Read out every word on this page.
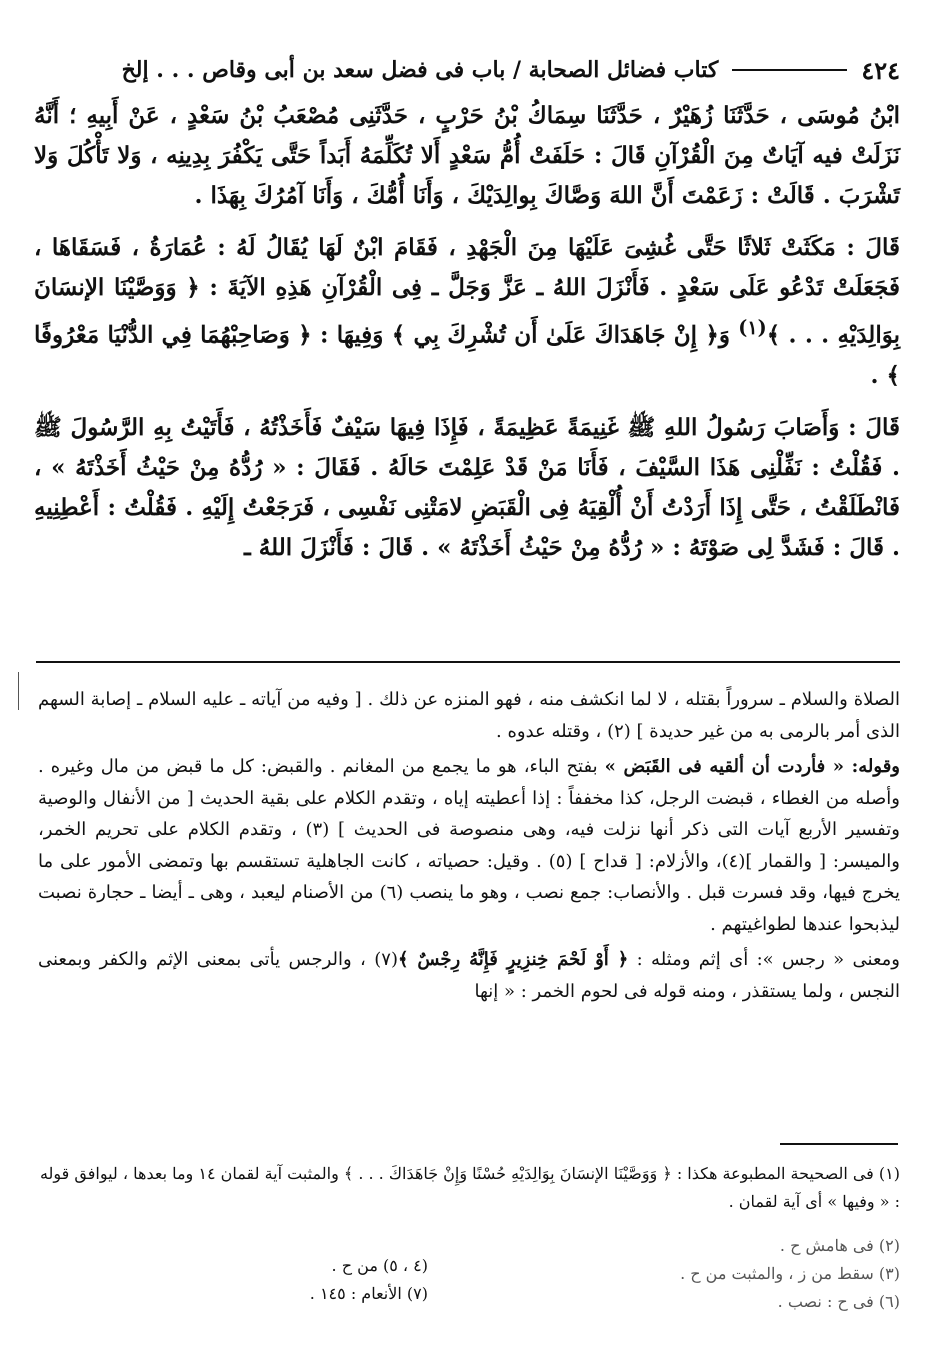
٤٢٤
كتاب فضائل الصحابة / باب فى فضل سعد بن أبى وقاص . . . إلخ

ابْنُ مُوسَى ، حَدَّثَنَا زُهَيْرٌ ، حَدَّثَنَا سِمَاكُ بْنُ حَرْبٍ ، حَدَّثَنِى مُصْعَبُ بْنُ سَعْدٍ ، عَنْ أَبِيهِ ؛ أَنَّهُ نَزَلَتْ فيه آيَاتٌ مِنَ الْقُرْآنِ قَالَ : حَلَفَتْ أُمُّ سَعْدٍ أَلا تُكَلِّمَهُ أَبَداً حَتَّى يَكْفُرَ بِدِينِه ، وَلا تَأْكُلَ وَلا تَشْرَبَ . قَالَتْ : زَعَمْتَ أَنَّ اللهَ وَصَّاكَ بِوالِدَيْكَ ، وَأَنَا أُمُّكَ ، وَأَنَا آمُرُكَ بِهَذَا .

قَالَ : مَكَثَتْ ثَلاثًا حَتَّى غُشِىَ عَلَيْهَا مِنَ الْجَهْدِ ، فَقَامَ ابْنٌ لَهَا يُقَالُ لَهُ : عُمَارَةُ ، فَسَقَاهَا ، فَجَعَلَتْ تَدْعُو عَلَى سَعْدٍ . فَأَنْزَلَ اللهُ ـ عَزَّ وَجَلَّ ـ فِى الْقُرْآنِ هَذِهِ الآيَةَ : ﴿ وَوَصَّيْنَا الإنسَانَ بِوَالِدَيْهِ . . . ﴾$^{(١)}$ وَ﴿ إِنْ جَاهَدَاكَ عَلَىٰ أَن تُشْرِكَ بِي ﴾ وَفِيهَا : ﴿ وَصَاحِبْهُمَا فِي الدُّنْيَا مَعْرُوفًا ﴾ .

قَالَ : وَأَصَابَ رَسُولُ اللهِ ﷺ غَنِيمَةً عَظِيمَةً ، فَإِذَا فِيهَا سَيْفٌ فَأَخَذْتُهُ ، فَأَتَيْتُ بِهِ الرَّسُولَ ﷺ . فَقُلْتُ : نَفِّلْنِى هَذَا السَّيْفَ ، فَأَنَا مَنْ قَدْ عَلِمْتَ حَالَهُ . فَقَالَ : « رُدُّهُ مِنْ حَيْثُ أَخَذْتَهُ » ، فَانْطَلَقْتُ ، حَتَّى إِذَا أَرَدْتُ أَنْ أُلْقِيَهُ فِى الْقَبَضِ لامَتْنِى نَفْسِى ، فَرَجَعْتُ إِلَيْهِ . فَقُلْتُ : أَعْطِنِيهِ . قَالَ : فَشَدَّ لِى صَوْتَهُ : « رُدُّهُ مِنْ حَيْثُ أَخَذْتَهُ » . قَالَ : فَأَنْزَلَ اللهُ ـ

الصلاة والسلام ـ سروراً بقتله ، لا لما انكشف منه ، فهو المنزه عن ذلك . [ وفيه من آياته ـ عليه السلام ـ إصابة السهم الذى أمر بالرمى به من غير حديدة ] (٢) ، وقتله عدوه .

وقوله: « فأردت أن ألقيه فى القَبَض » بفتح الباء، هو ما يجمع من المغانم . والقبض: كل ما قبض من مال وغيره . وأصله من الغطاء ، قبضت الرجل، كذا مخففاً : إذا أعطيته إياه ، وتقدم الكلام على بقية الحديث [ من الأنفال والوصية وتفسير الأربع آيات التى ذكر أنها نزلت فيه، وهى منصوصة فى الحديث ] (٣) ، وتقدم الكلام على تحريم الخمر، والميسر: [ والقمار ](٤)، والأزلام: [ قداح ] (٥) . وقيل: حصياته ، كانت الجاهلية تستقسم بها وتمضى الأمور على ما يخرج فيها، وقد فسرت قبل . والأنصاب: جمع نصب ، وهو ما ينصب (٦) من الأصنام ليعبد ، وهى ـ أيضا ـ حجارة نصبت ليذبحوا عندها لطواغيتهم .

ومعنى « رجس »: أى إثم ومثله : ﴿ أَوْ لَحْمَ خِنزِيرٍ فَإِنَّهُ رِجْسٌ ﴾(٧) ، والرجس يأتى بمعنى الإثم والكفر وبمعنى النجس ، ولما يستقذر ، ومنه قوله فى لحوم الخمر : « إنها

(١) فى الصحيحة المطبوعة هكذا : ﴿ وَوَصَّيْنَا الإنسَانَ بِوَالِدَيْهِ حُسْنًا وَإِنْ جَاهَدَاكَ . . . ﴾ والمثبت آية لقمان ١٤ وما بعدها ، ليوافق قوله : « وفيها » أى آية لقمان .
(٢) فى هامش ح .
(٣) سقط من ز ، والمثبت من ح .
(٦) فى ح : نصب .
(٤ ، ٥) من ح .
(٧) الأنعام : ١٤٥ .
